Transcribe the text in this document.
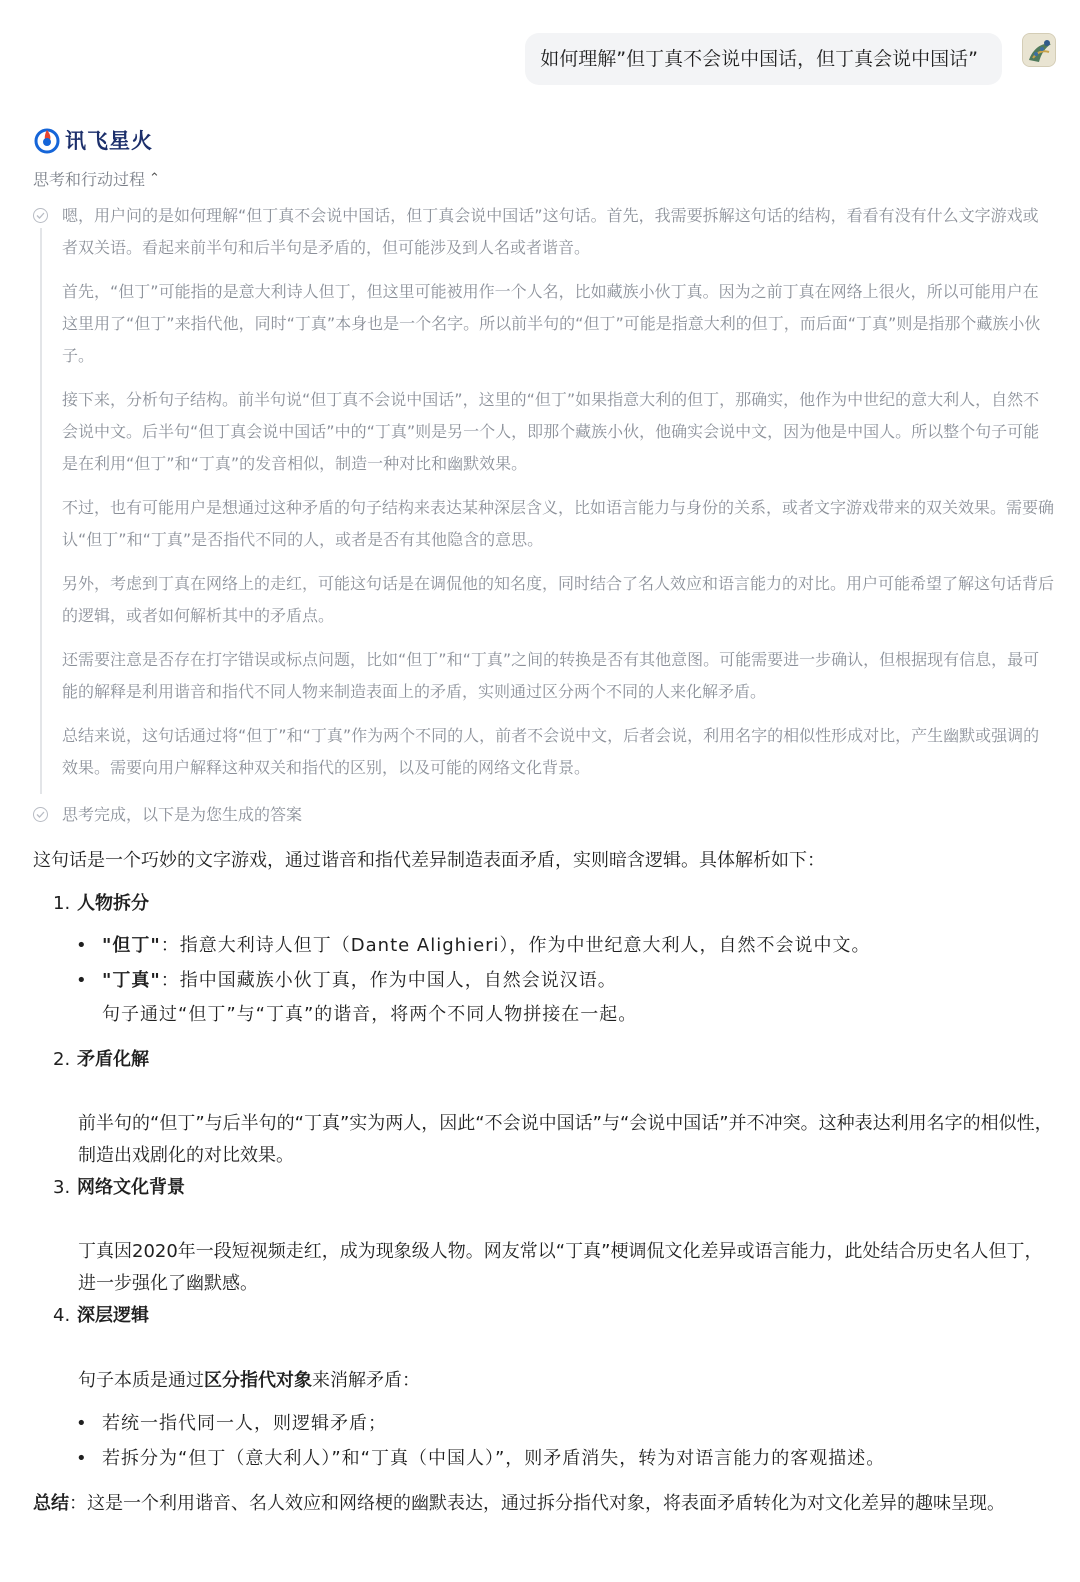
如何理解”但丁真不会说中国话，但丁真会说中国话”
讯飞星火
思考和行动过程 ⌃
嗯，用户问的是如何理解“但丁真不会说中国话，但丁真会说中国话”这句话。首先，我需要拆解这句话的结构，看看有没有什么文字游戏或者双关语。看起来前半句和后半句是矛盾的，但可能涉及到人名或者谐音。
首先，“但丁”可能指的是意大利诗人但丁，但这里可能被用作一个人名，比如藏族小伙丁真。因为之前丁真在网络上很火，所以可能用户在这里用了“但丁”来指代他，同时“丁真”本身也是一个名字。所以前半句的“但丁”可能是指意大利的但丁，而后面“丁真”则是指那个藏族小伙子。
接下来，分析句子结构。前半句说“但丁真不会说中国话”，这里的“但丁”如果指意大利的但丁，那确实，他作为中世纪的意大利人，自然不会说中文。后半句“但丁真会说中国话”中的“丁真”则是另一个人，即那个藏族小伙，他确实会说中文，因为他是中国人。所以整个句子可能是在利用“但丁”和“丁真”的发音相似，制造一种对比和幽默效果。
不过，也有可能用户是想通过这种矛盾的句子结构来表达某种深层含义，比如语言能力与身份的关系，或者文字游戏带来的双关效果。需要确认“但丁”和“丁真”是否指代不同的人，或者是否有其他隐含的意思。
另外，考虑到丁真在网络上的走红，可能这句话是在调侃他的知名度，同时结合了名人效应和语言能力的对比。用户可能希望了解这句话背后的逻辑，或者如何解析其中的矛盾点。
还需要注意是否存在打字错误或标点问题，比如“但丁”和“丁真”之间的转换是否有其他意图。可能需要进一步确认，但根据现有信息，最可能的解释是利用谐音和指代不同人物来制造表面上的矛盾，实则通过区分两个不同的人来化解矛盾。
总结来说，这句话通过将“但丁”和“丁真”作为两个不同的人，前者不会说中文，后者会说，利用名字的相似性形成对比，产生幽默或强调的效果。需要向用户解释这种双关和指代的区别，以及可能的网络文化背景。
思考完成，以下是为您生成的答案
这句话是一个巧妙的文字游戏，通过谐音和指代差异制造表面矛盾，实则暗含逻辑。具体解析如下：
1. 人物拆分
• "但丁"：指意大利诗人但丁（Dante Alighieri），作为中世纪意大利人，自然不会说中文。
• "丁真"：指中国藏族小伙丁真，作为中国人，自然会说汉语。
句子通过“但丁”与“丁真”的谐音，将两个不同人物拼接在一起。
2. 矛盾化解
前半句的“但丁”与后半句的“丁真”实为两人，因此“不会说中国话”与“会说中国话”并不冲突。这种表达利用名字的相似性，制造出戏剧化的对比效果。
3. 网络文化背景
丁真因2020年一段短视频走红，成为现象级人物。网友常以“丁真”梗调侃文化差异或语言能力，此处结合历史名人但丁，进一步强化了幽默感。
4. 深层逻辑
句子本质是通过区分指代对象来消解矛盾：
• 若统一指代同一人，则逻辑矛盾；
• 若拆分为“但丁（意大利人）”和“丁真（中国人）”，则矛盾消失，转为对语言能力的客观描述。
总结：这是一个利用谐音、名人效应和网络梗的幽默表达，通过拆分指代对象，将表面矛盾转化为对文化差异的趣味呈现。
